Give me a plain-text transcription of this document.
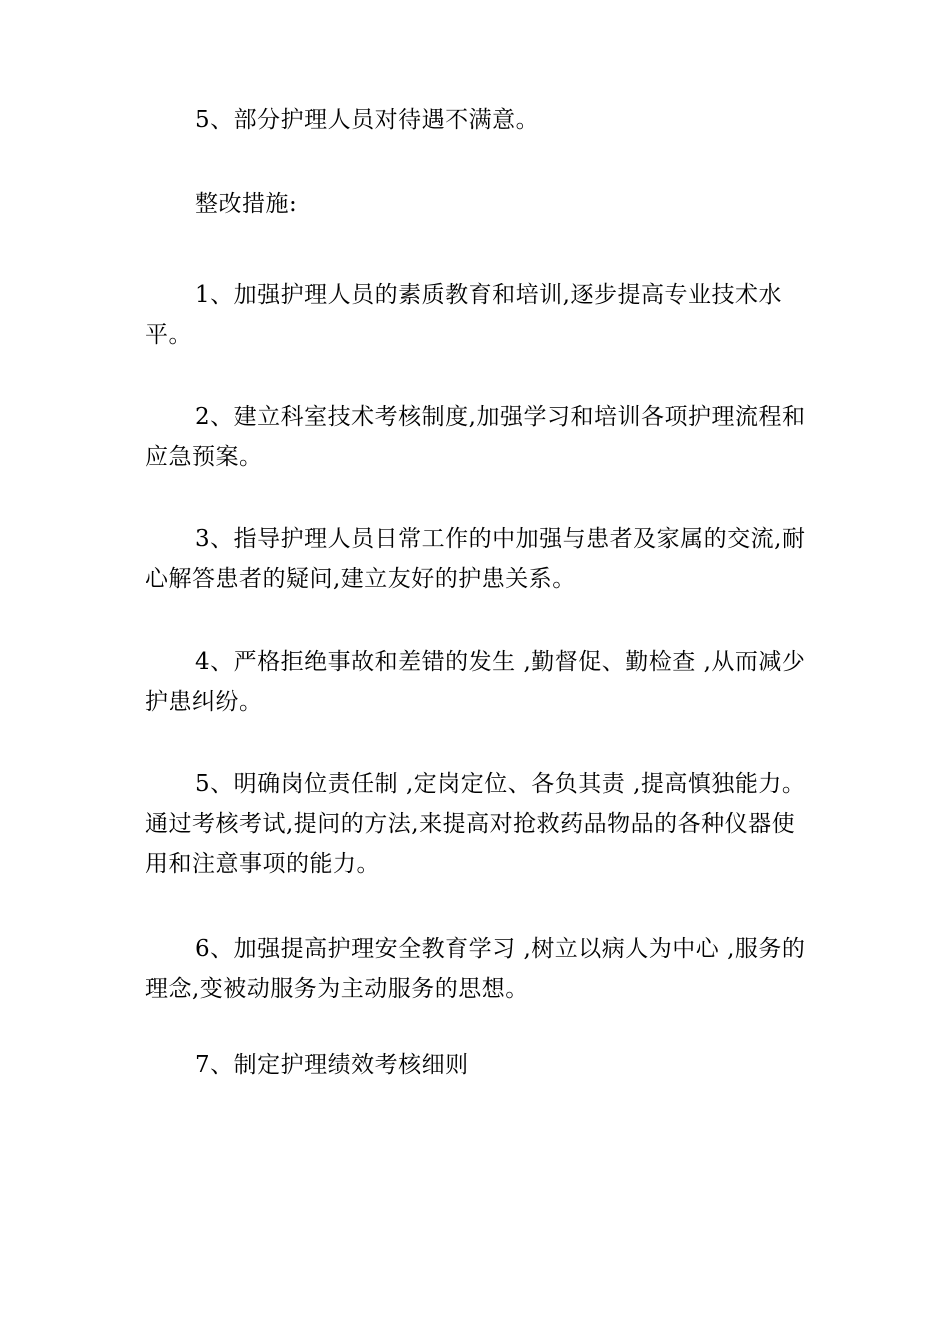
5、部分护理人员对待遇不满意。

整改措施:

1、加强护理人员的素质教育和培训,逐步提高专业技术水平。

2、建立科室技术考核制度,加强学习和培训各项护理流程和应急预案。

3、指导护理人员日常工作的中加强与患者及家属的交流,耐心解答患者的疑问,建立友好的护患关系。

4、严格拒绝事故和差错的发生 ,勤督促、勤检查 ,从而减少护患纠纷。

5、明确岗位责任制 ,定岗定位、各负其责 ,提高慎独能力。通过考核考试,提问的方法,来提高对抢救药品物品的各种仪器使用和注意事项的能力。

6、加强提高护理安全教育学习 ,树立以病人为中心 ,服务的理念,变被动服务为主动服务的思想。

7、制定护理绩效考核细则
